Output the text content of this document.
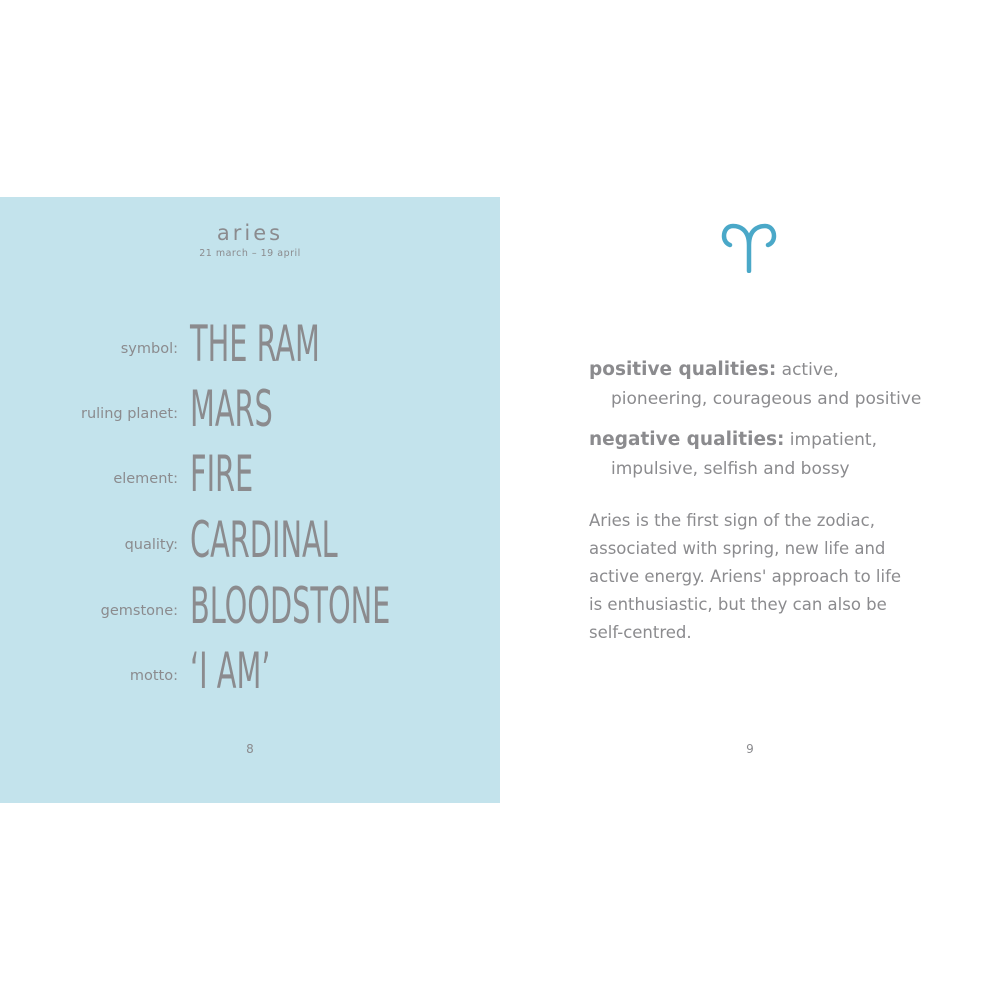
aries
21 march – 19 april
symbol: THE RAM
ruling planet: MARS
element: FIRE
quality: CARDINAL
gemstone: BLOODSTONE
motto: ‘I AM’
8
positive qualities: active,
pioneering, courageous and positive
negative qualities: impatient,
impulsive, selfish and bossy
Aries is the first sign of the zodiac,
associated with spring, new life and
active energy. Ariens' approach to life
is enthusiastic, but they can also be
self-centred.
9
